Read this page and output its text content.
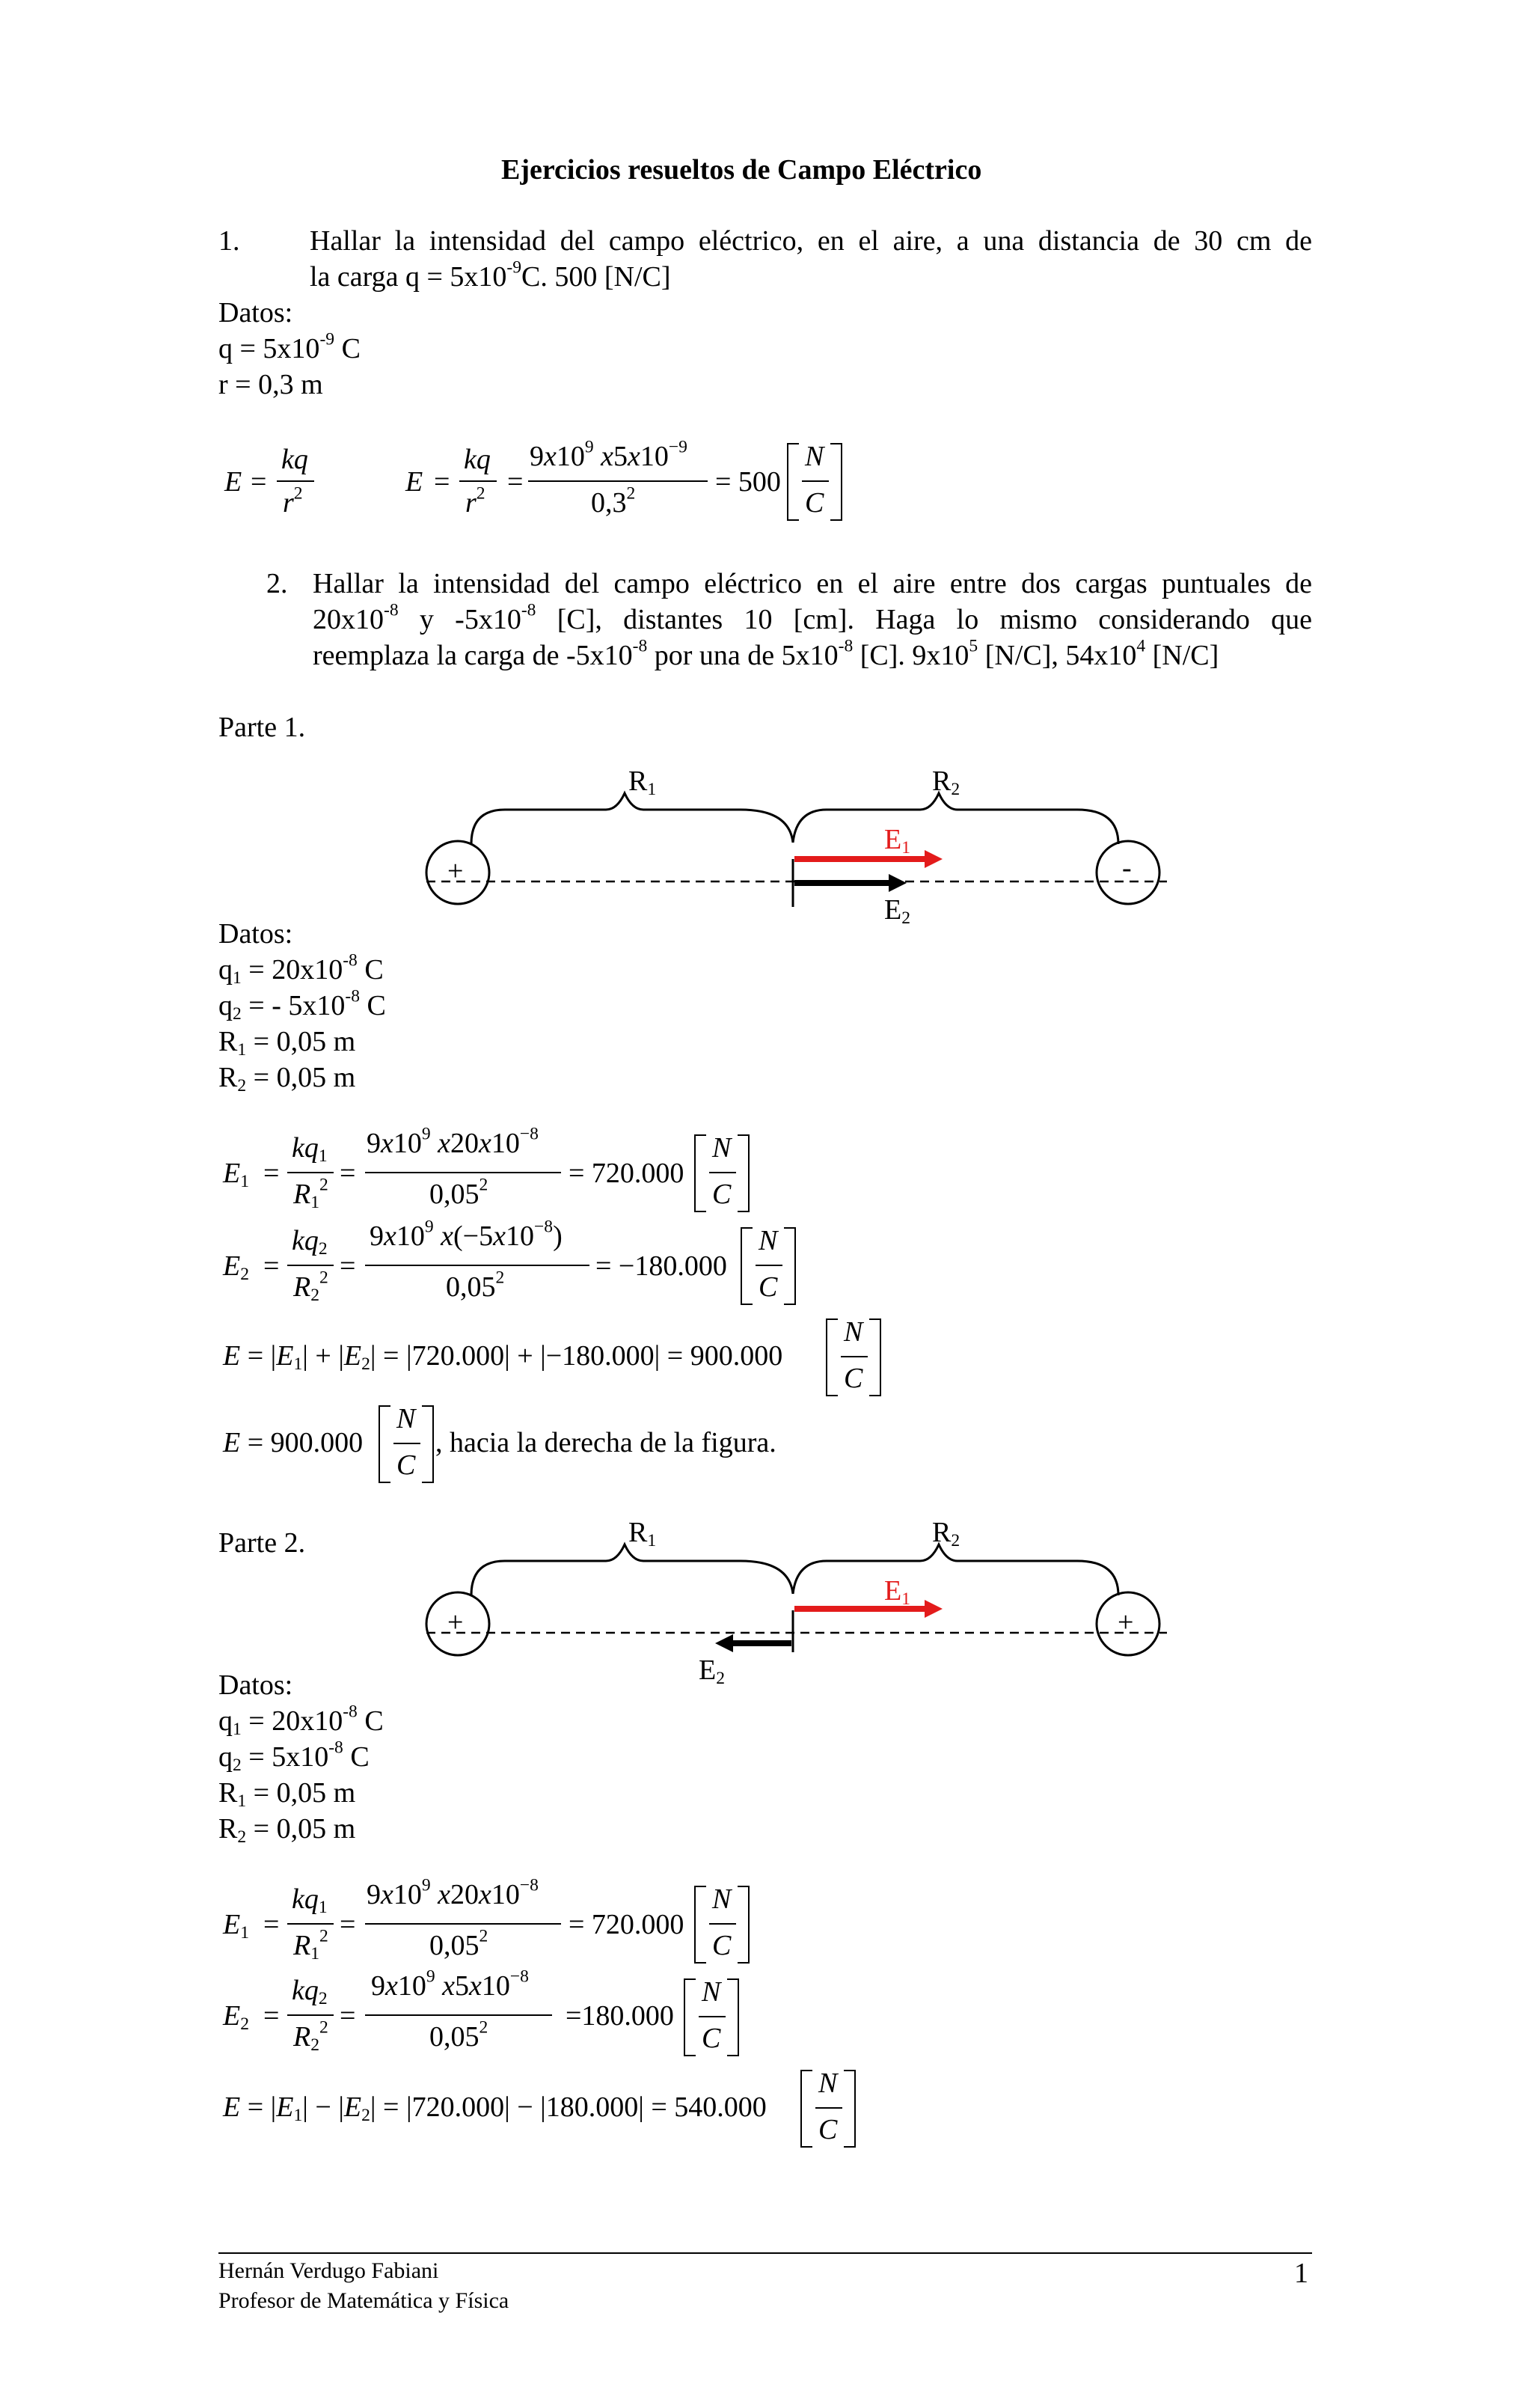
Ejercicios resueltos de Campo Eléctrico
1. Hallar la intensidad del campo eléctrico, en el aire, a una distancia de 30 cm de
la carga $q = 5x10^{-9}C$. 500 [N/C]
Datos:
$q = 5x10^{-9}$ C
r = 0,3 m
E =
kq
$r^2$	E =
kq
$r^2$ =
$9x10^9$ $x5x10^{-9}$
$0,3^2$	= 500
N
C
2. Hallar la intensidad del campo eléctrico en el aire entre dos cargas puntuales de
$20x10^{-8}$ y $-5x10^{-8}$ [C], distantes 10 [cm]. Haga lo mismo considerando que
reemplaza la carga de $-5x10^{-8}$ por una de $5x10^{-8}$ [C]. $9x10^5$ [N/C], $54x10^4$ [N/C]
Parte 1.
$R_1$	$R_2$
$E_1$
$E_2$
+	-
Datos:
$q_1 = 20x10^{-8}$ C
$q_2$ = - $5x10^{-8}$ C
$R_1 = 0,05$ m
$R_2 = 0,05$ m
$E_1$ =
$kq_1$
$R_1^2$ =
$9x10^9$ $x20x10^{-8}$
$0,05^2$	= 720.000
N
C
$E_2$ =
$kq_2$
$R_2^2$ =
$9x10^9$ $x(-5x10^{-8})$
$0,05^2$	= −180.000
N
C
$E = |E_1| + |E_2| = |720.000| + |-180.000| = 900.000$
N
C
E = 900.000
N
C
, hacia la derecha de la figura.
Parte 2.	$R_1$	$R_2$
$E_1$
$E_2$
+	+
Datos:
$q_1 = 20x10^{-8}$ C
$q_2 = 5x10^{-8}$ C
$R_1 = 0,05$ m
$R_2 = 0,05$ m
$E_1$ =
$kq_1$
$R_1^2$ =
$9x10^9$ $x20x10^{-8}$
$0,05^2$	= 720.000
N
C
$E_2$ =
$kq_2$
$R_2^2$ =
$9x10^9$ $x5x10^{-8}$
$0,05^2$	=180.000
N
C
$E = |E_1| - |E_2| = |720.000| - |180.000| = 540.000$
N
C
Hernán Verdugo Fabiani
Profesor de Matemática y Física
1
